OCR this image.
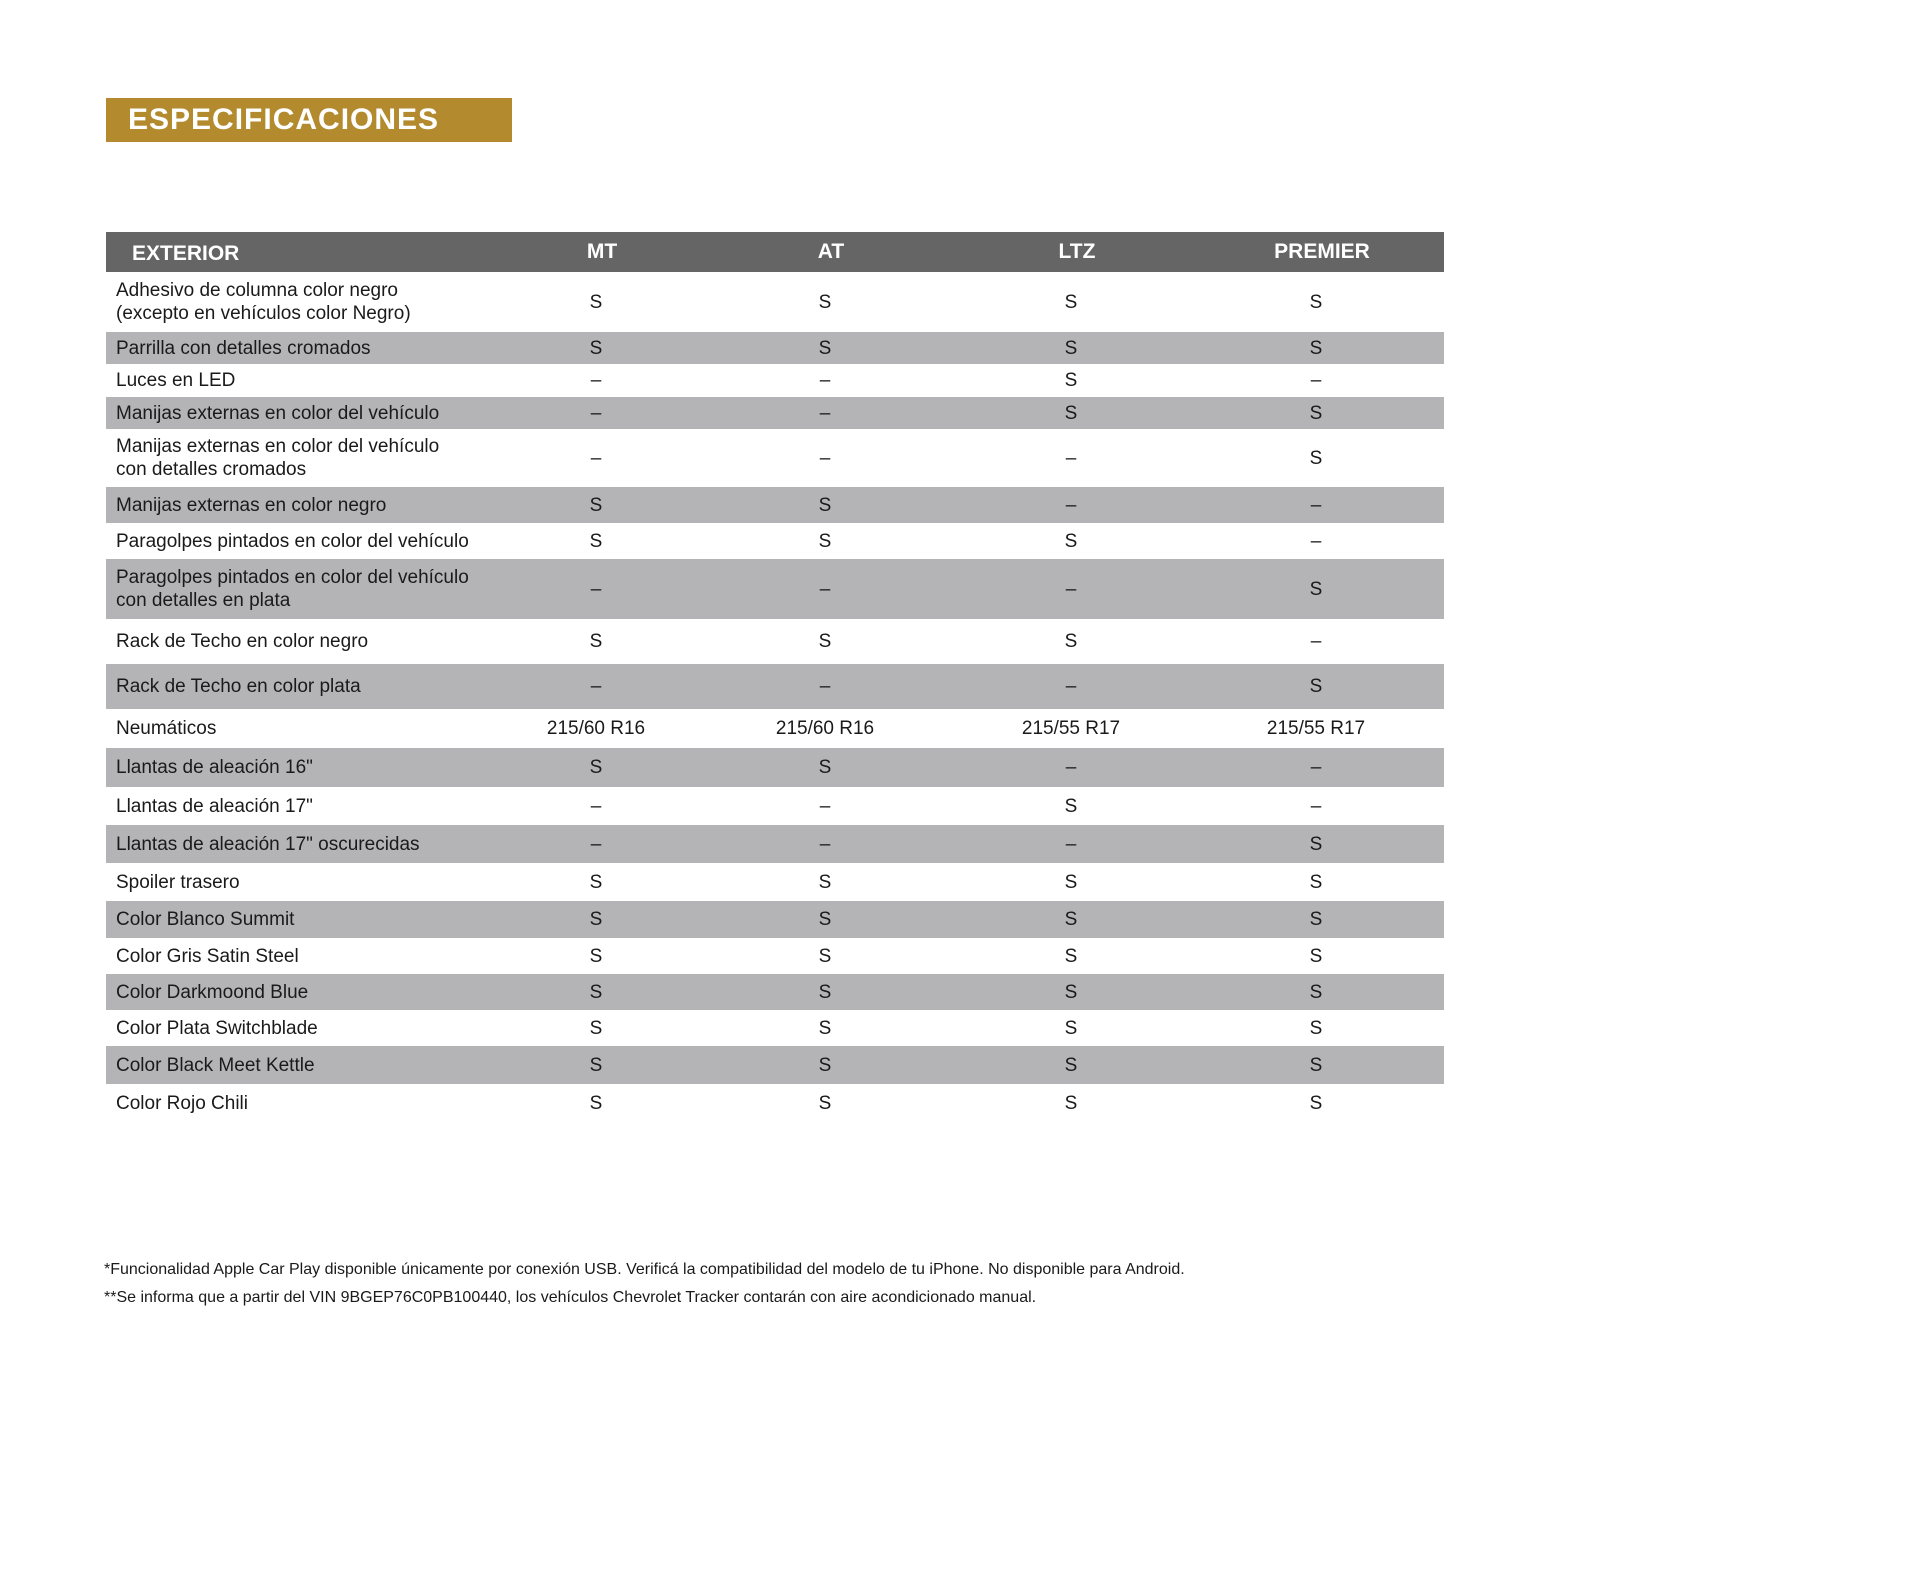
ESPECIFICACIONES
EXTERIOR	MT	AT	LTZ	PREMIER
Adhesivo de columna color negro
(excepto en vehículos color Negro)	S	S	S	S
Parrilla con detalles cromados	S	S	S	S
Luces en LED	–	–	S	–
Manijas externas en color del vehículo	–	–	S	S
Manijas externas en color del vehículo
con detalles cromados	–	–	–	S
Manijas externas en color negro	S	S	–	–
Paragolpes pintados en color del vehículo	S	S	S	–
Paragolpes pintados en color del vehículo
con detalles en plata	–	–	–	S
Rack de Techo en color negro	S	S	S	–
Rack de Techo en color plata	–	–	–	S
Neumáticos	215/60 R16	215/60 R16	215/55 R17	215/55 R17
Llantas de aleación 16"	S	S	–	–
Llantas de aleación 17"	–	–	S	–
Llantas de aleación 17" oscurecidas	–	–	–	S
Spoiler trasero	S	S	S	S
Color Blanco Summit	S	S	S	S
Color Gris Satin Steel	S	S	S	S
Color Darkmoond Blue	S	S	S	S
Color Plata Switchblade	S	S	S	S
Color Black Meet Kettle	S	S	S	S
Color Rojo Chili	S	S	S	S
*Funcionalidad Apple Car Play disponible únicamente por conexión USB. Verificá la compatibilidad del modelo de tu iPhone. No disponible para Android.
**Se informa que a partir del VIN 9BGEP76C0PB100440, los vehículos Chevrolet Tracker contarán con aire acondicionado manual.
